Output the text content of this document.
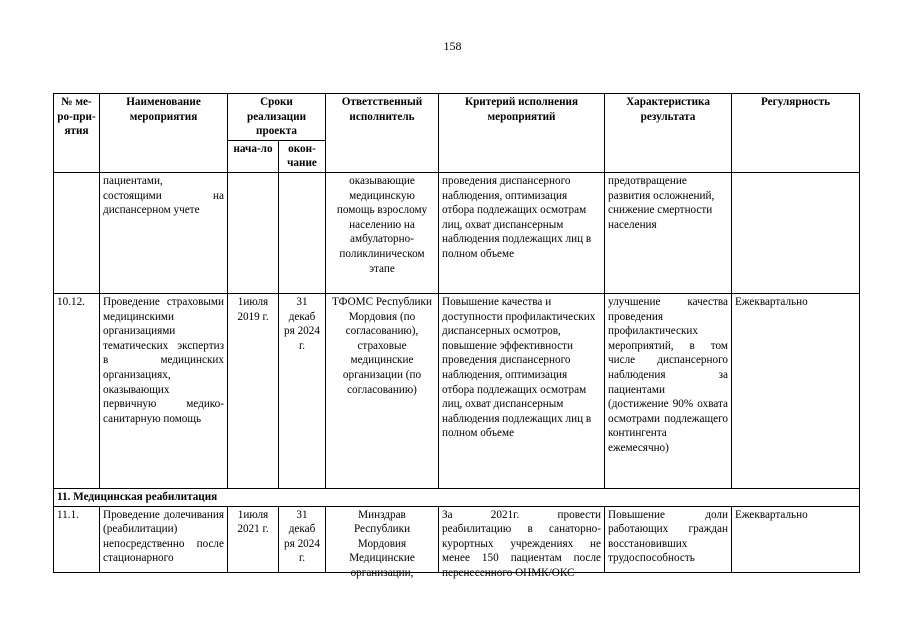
158
№ ме-ро-при-ятия	Наименование мероприятия	Сроки реализации проекта		Ответственный исполнитель	Критерий исполнения мероприятий	Характеристика результата	Регулярность
		нача-ло	окон-чание				
	пациентами, состоящими на диспансерном учете			оказывающие медицинскую помощь взрослому населению на амбулаторно-поликлиническом этапе	проведения диспансерного наблюдения, оптимизация отбора подлежащих осмотрам лиц, охват диспансерным наблюдения подлежащих лиц в полном объеме	предотвращение развития осложнений, снижение смертности населения	
10.12.	Проведение страховыми медицинскими организациями тематических экспертиз в медицинских организациях, оказывающих первичную медико-санитарную помощь	1июля 2019 г.	31 декаб ря 2024 г.	ТФОМС Республики Мордовия (по согласованию), страховые медицинские организации (по согласованию)	Повышение качества и доступности профилактических диспансерных осмотров, повышение эффективности проведения диспансерного наблюдения, оптимизация отбора подлежащих осмотрам лиц, охват диспансерным наблюдения подлежащих лиц в полном объеме	улучшение качества проведения профилактических мероприятий, в том числе диспансерного наблюдения за пациентами (достижение 90% охвата осмотрами подлежащего контингента ежемесячно)	Ежеквартально
11. Медицинская реабилитация							

11.1.	Проведение долечивания (реабилитации) непосредственно после стационарного	1июля 2021 г.	31 декаб ря 2024 г.	Минздрав Республики Мордовия Медицинские организации,	За 2021г. провести реабилитацию в санаторно-курортных учреждениях не менее 150 пациентам после перенесенного ОНМК/ОКС	Повышение доли работающих граждан восстановивших трудоспособность	Ежеквартально
